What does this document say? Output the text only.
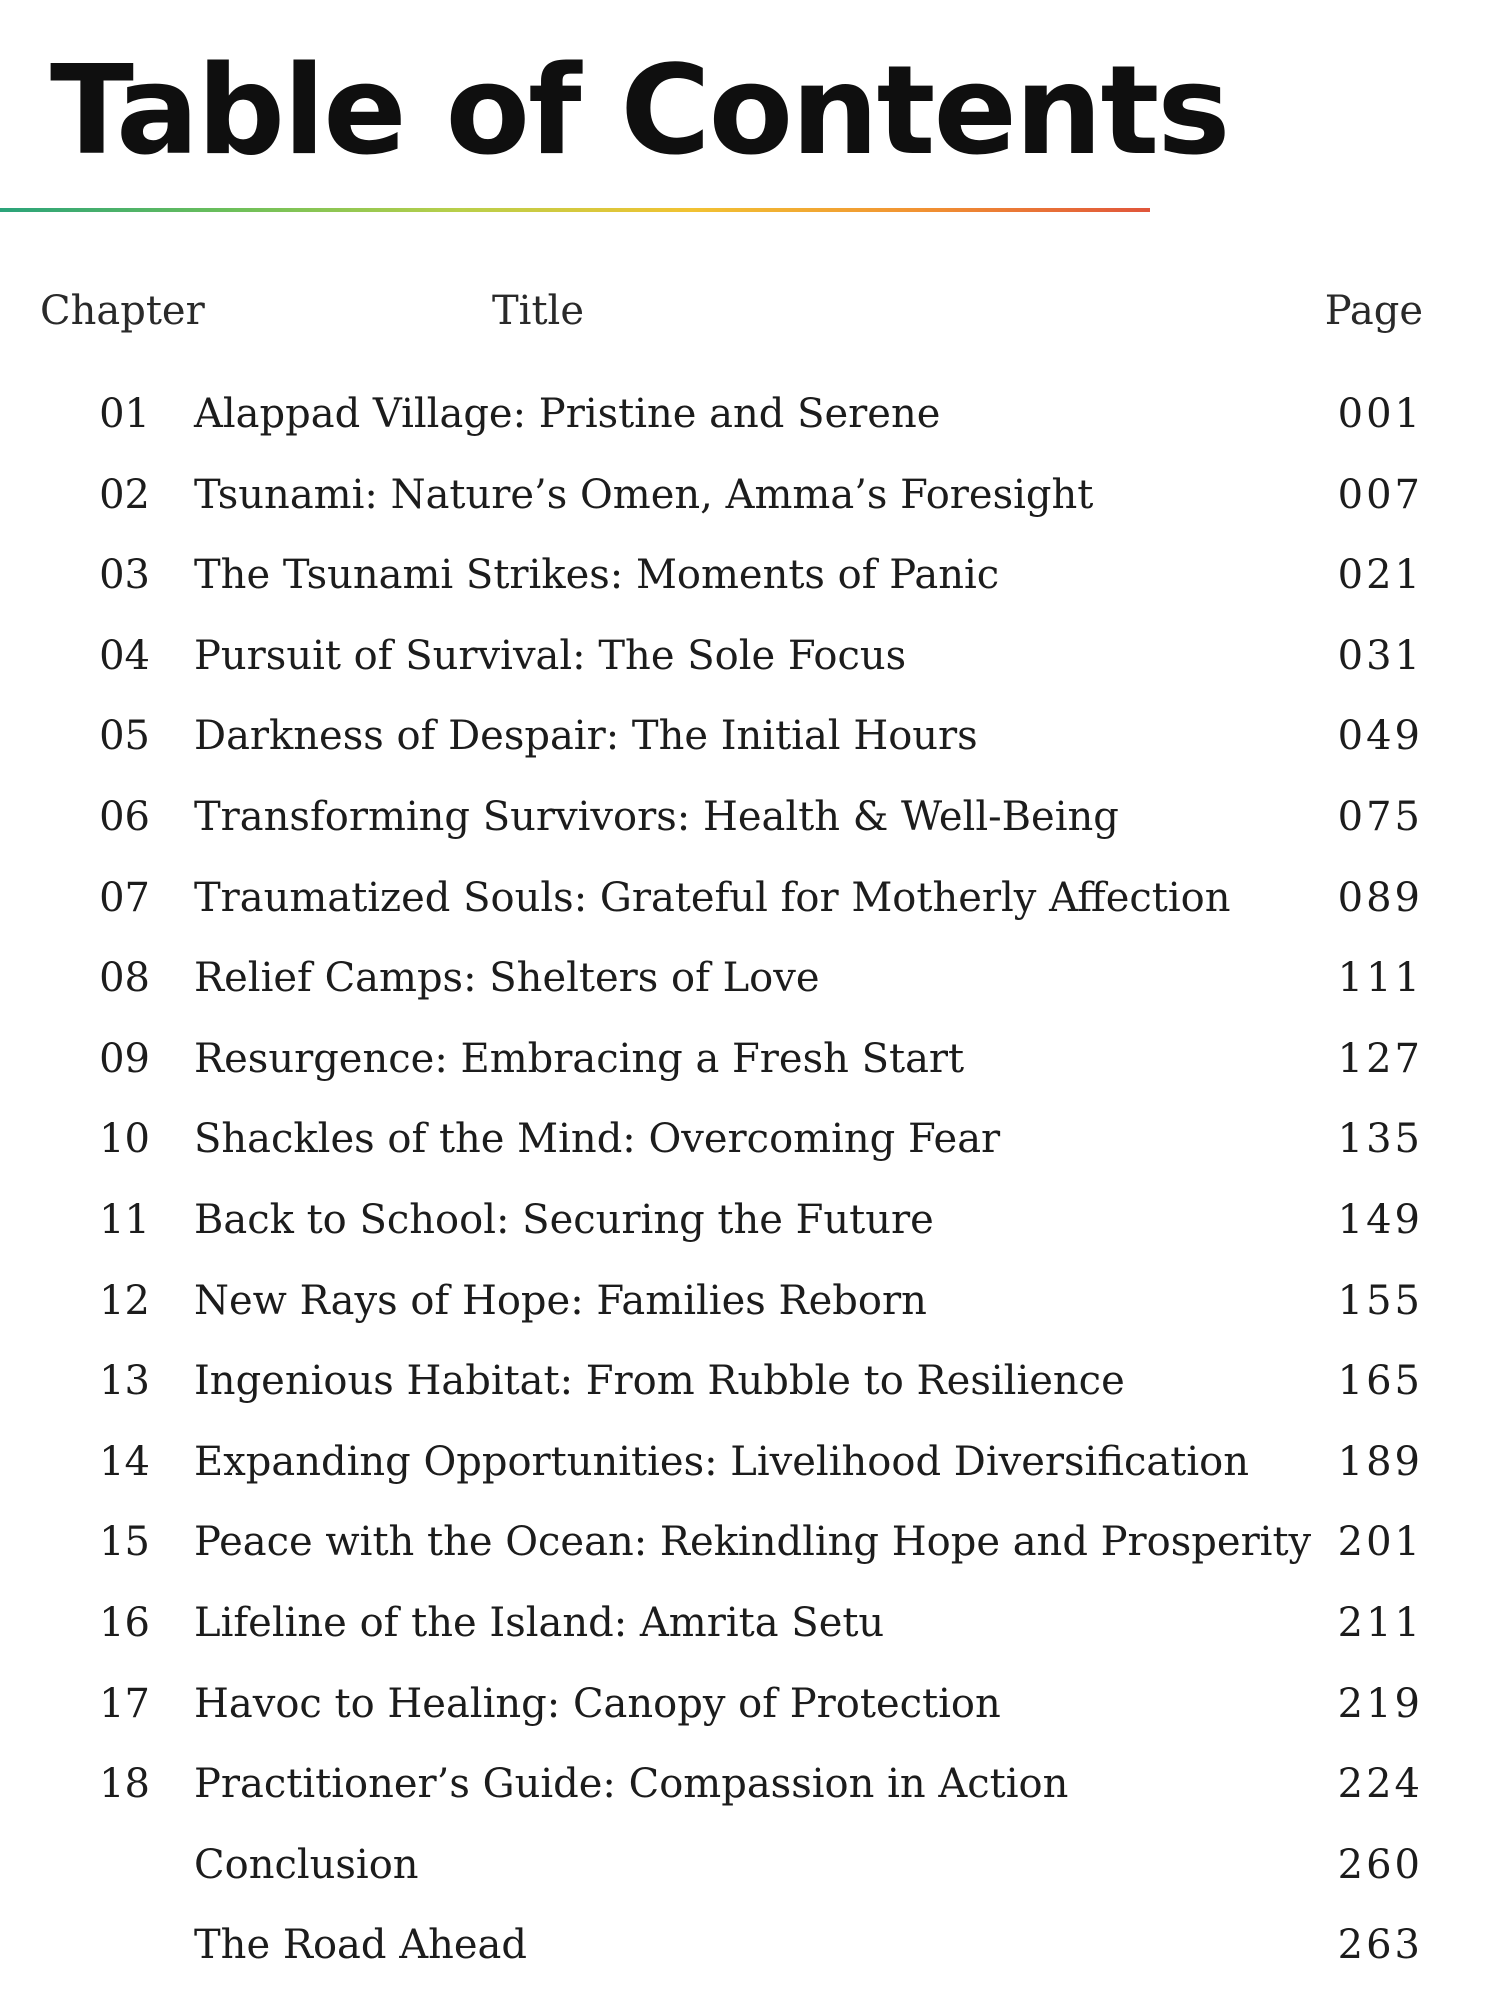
Table of Contents
Chapter	Title	Page
01 Alappad Village: Pristine and Serene	001
02 Tsunami: Nature’s Omen, Amma’s Foresight	007
03 The Tsunami Strikes: Moments of Panic	021
04 Pursuit of Survival: The Sole Focus	031
05 Darkness of Despair: The Initial Hours	049
06 Transforming Survivors: Health & Well-Being	075
07 Traumatized Souls: Grateful for Motherly Affection	089
08 Relief Camps: Shelters of Love	111
09 Resurgence: Embracing a Fresh Start	127
10 Shackles of the Mind: Overcoming Fear	135
11 Back to School: Securing the Future	149
12 New Rays of Hope: Families Reborn	155
13 Ingenious Habitat: From Rubble to Resilience	165
14 Expanding Opportunities: Livelihood Diversification 189
15 Peace with the Ocean: Rekindling Hope and Prosperity 201
16 Lifeline of the Island: Amrita Setu	211
17 Havoc to Healing: Canopy of Protection	219
18 Practitioner’s Guide: Compassion in Action	224
Conclusion	260
The Road Ahead	263
